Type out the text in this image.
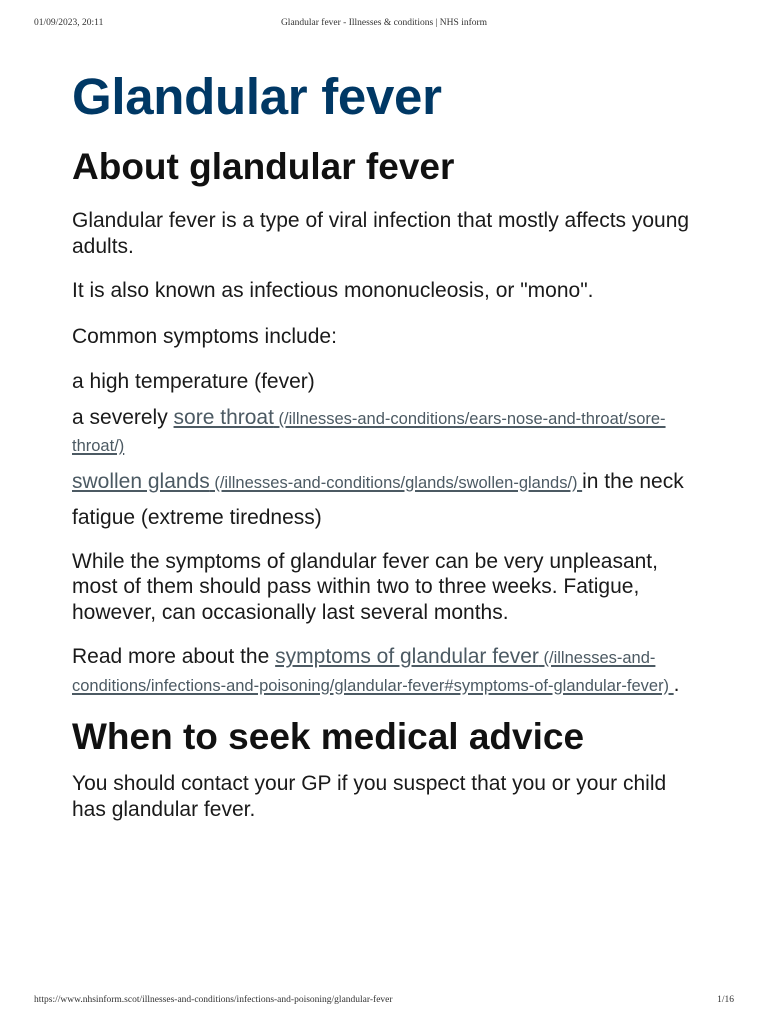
01/09/2023, 20:11	Glandular fever - Illnesses & conditions | NHS inform
Glandular fever
About glandular fever

Glandular fever is a type of viral infection that mostly affects young adults.

It is also known as infectious mononucleosis, or "mono".

Common symptoms include:

a high temperature (fever)

a severely sore throat (/illnesses-and-conditions/ears-nose-and-throat/sore-throat/)

swollen glands (/illnesses-and-conditions/glands/swollen-glands/) in the neck

fatigue (extreme tiredness)

While the symptoms of glandular fever can be very unpleasant, most of them should pass within two to three weeks. Fatigue, however, can occasionally last several months.

Read more about the symptoms of glandular fever (/illnesses-and-conditions/infections-and-poisoning/glandular-fever#symptoms-of-glandular-fever) .

When to seek medical advice

You should contact your GP if you suspect that you or your child has glandular fever.

https://www.nhsinform.scot/illnesses-and-conditions/infections-and-poisoning/glandular-fever	1/16
